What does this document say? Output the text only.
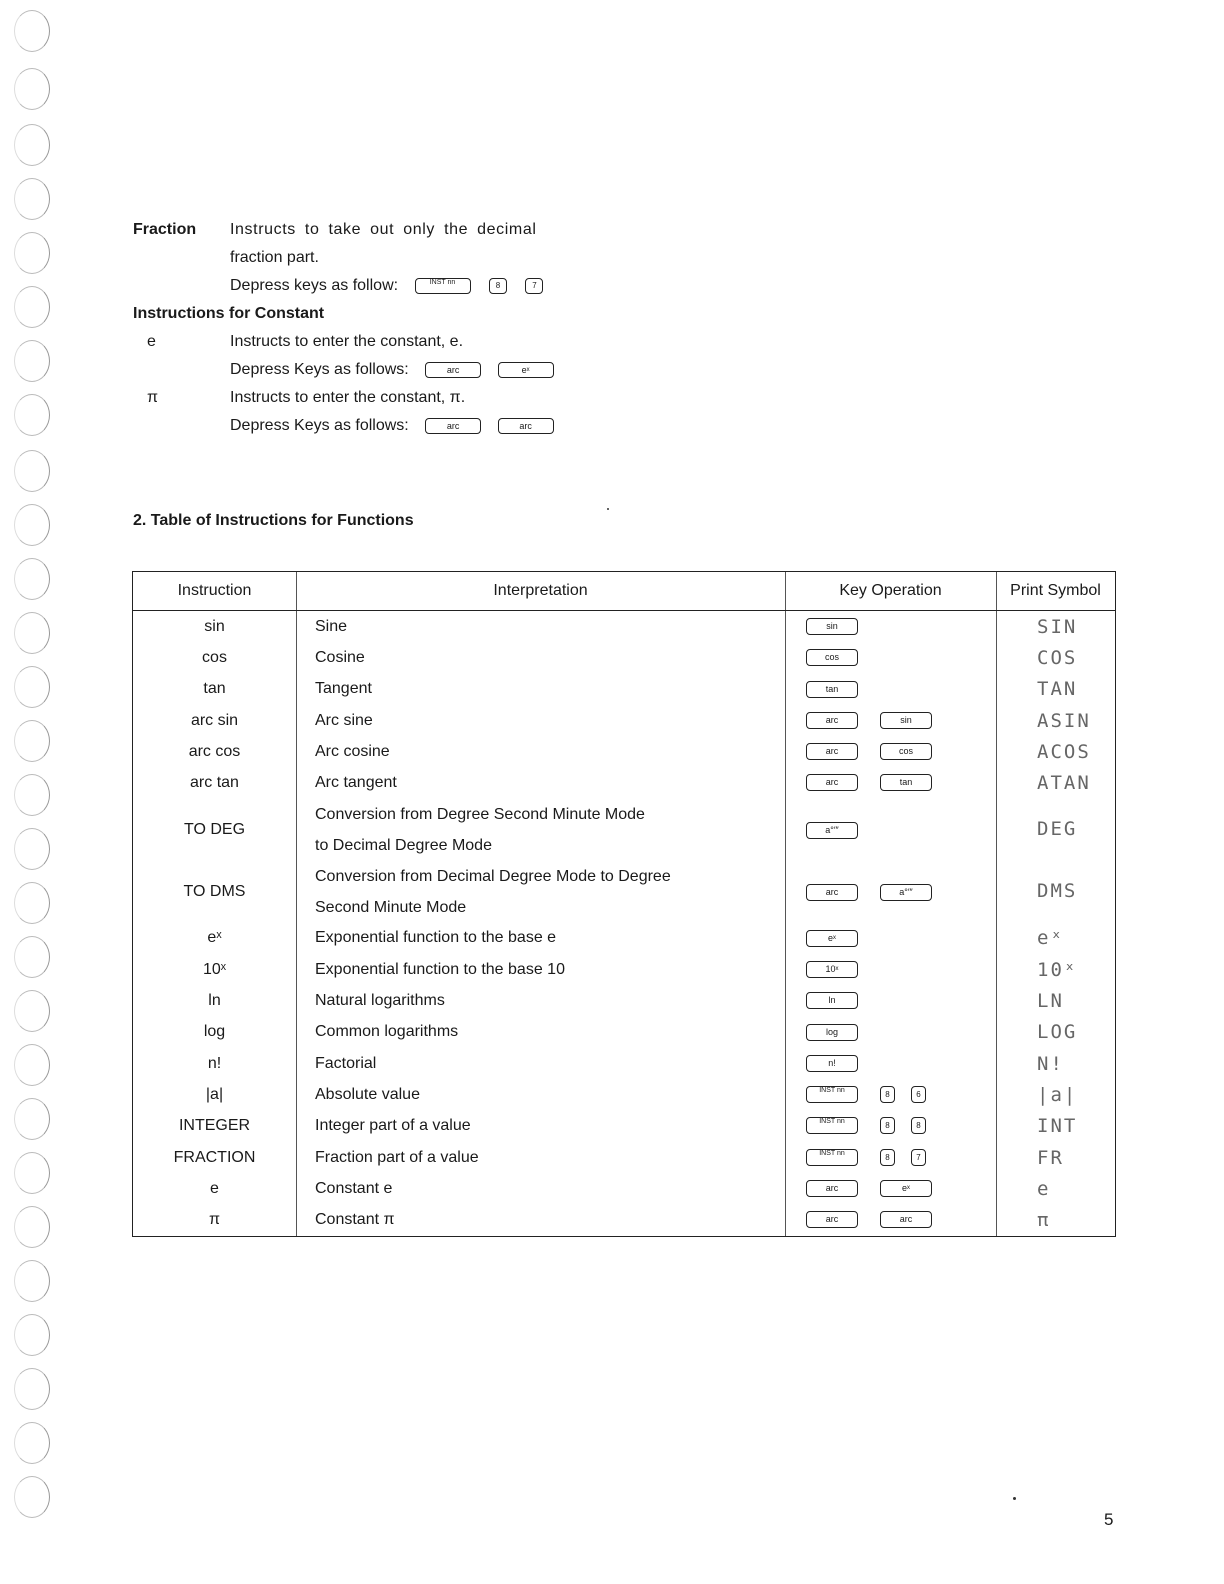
Fraction Instructs to take out only the decimal
fraction part.
Depress keys as follow:	INST nn	8	7
Instructions for Constant
e	Instructs to enter the constant, e.
Depress Keys as follows:	arc	eˣ
π	Instructs to enter the constant, π.
Depress Keys as follows:	arc	arc
2. Table of Instructions for Functions
Instruction	Interpretation	Key Operation	Print Symbol
sin	Sine	sin	SIN
cos	Cosine	cos	COS
tan	Tangent	tan	TAN
arc sin	Arc sine	arc sin	ASIN
arc cos	Arc cosine	arc cos	ACOS
arc tan	Arc tangent	arc tan	ATAN
TO DEG	Conversion from Degree Second Minute Mode
to Decimal Degree Mode	a°′″	DEG
TO DMS	Conversion from Decimal Degree Mode to Degree
Second Minute Mode	arc a°′″	DMS
eˣ	Exponential function to the base e	eˣ	eˣ
10ˣ	Exponential function to the base 10	10ˣ	10ˣ
ln	Natural logarithms	ln	LN
log	Common logarithms	log	LOG
n!	Factorial	n!	N!
|a|	Absolute value	INST nn 8 6	|a|
INTEGER	Integer part of a value	INST nn 8 8	INT
FRACTION	Fraction part of a value	INST nn 8 7	FR
e	Constant e	arc eˣ	e
π	Constant π	arc arc	π
5
